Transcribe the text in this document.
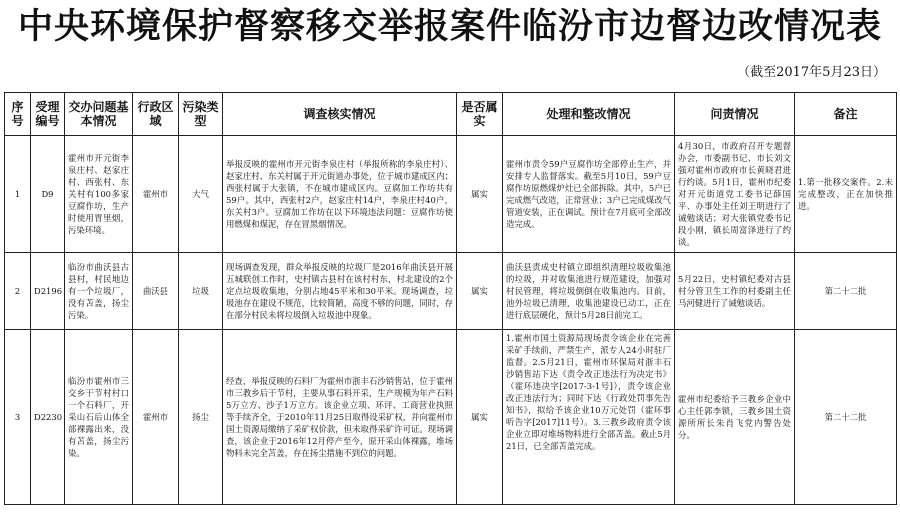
中央环境保护督察移交举报案件临汾市边督边改情况表
（截至2017年5月23日）
序号	受理编号	交办问题基本情况	行政区域	污染类型	调查核实情况	是否属实	处理和整改情况	问责情况	备注
1	D9	霍州市开元街李泉庄村、赵家庄村、西张村、东关村有100多家豆腐作坊，生产时使用胃里烟，污染环境。	霍州市	大气	举报反映的霍州市开元街李泉庄村（举报所称的李泉庄村）、赵家庄村、东关村属于开元街道办事处，位于城市建成区内；西张村属于大张镇，不在城市建成区内。豆腐加工作坊共有59户。其中，西张村2户，赵家庄村14户，李泉庄村40户，东关村3户。豆腐加工作坊在以下环境违法问题：豆腐作坊使用燃煤和煤泥，存在冒黑烟情况。	属实	霍州市责令59户豆腐作坊全部停止生产，并安排专人监督落实。截至5月10日，59户豆腐作坊原燃煤炉灶已全部拆除。其中，5户已完成燃气改造，正常营业；3户已完成煤改气管道安装，正在调试。预计在7月底可全部改造完成。	4月30日，市政府召开专题督办会，市委副书记、市长刘文强对霍州市政府市长黄晓君进行约谈。5月1日，霍州市纪委对开元街道党工委书记薛国平、办事处主任刘王明进行了诫勉谈话；对大张镇党委书记段小刚，镇长周富泽进行了约谈。	1.第一批移交案件。2.未完成整改，正在加快推进。
2	D2196	临汾市曲沃县古县村，村民地边有一个垃圾厂，没有苫盖，扬尘污染。	曲沃县	垃圾	现场调查发现，群众举报反映的垃圾厂是2016年曲沃县开展五城联创工作时，史村镇古县村在该村村东，村北建设的2个定点垃圾收集地，分别占地45平米和30平米。现场调查，垃圾池存在建设不规范，比较简陋，高度不够的问题，同时，存在部分村民未将垃圾倒入垃圾池中现象。	属实	曲沃县责成史村镇立即组织清理垃圾收集池的垃圾，并对收集池进行规范建设，加强对村民管理，将垃圾倒倒在收集池内。目前，池外垃圾已清理，收集池建设已动工，正在进行底层硬化，预计5月28日前完工。	5月22日，史村镇纪委对古县村分管卫生工作的村委副主任马河健进行了诫勉谈话。	第二十二批
3	D2230	临汾市霍州市三交乡干节村村口一个石料厂，开采山石后山体全部裸露出来，没有苫盖，扬尘污染。	霍州市	扬尘	经查，举报反映的石料厂为霍州市浙丰石沙销售站，位于霍州市三教乡后干节村，主要从事石料开采，生产规模为年产石料5万立方、沙子1万立方。该企业立项、环评、工商营业执照等手续齐全，于2010年11月25日取得设采矿权，并向霍州市国土资源局缴纳了采矿权价款，但未取得采矿许可证。现场调查，该企业于2016年12月停产至今，原开采山体裸露，堆场物料未完全苫盖，存在扬尘措施不到位的问题。	属实	1.霍州市国土资源局现场责令该企业在完善采矿手续前，严禁生产，派专人24小时驻厂监督。2.5月21日，霍州市环保局对浙丰石沙销售站下达《责令改正违法行为决定书》（霍环违决字[2017-3-1号]），责令该企业改正违法行为；同时下达《行政处罚事先告知书》，拟给予该企业10万元处罚（霍环事听告字[2017]11号）。3.三教乡政府责令该企业立即对堆场物料进行全部苫盖。截止5月21日，已全部苫盖完成。	霍州市纪委给予三教乡企业中心主任郭李锁，三教乡国土资源所所长朱肖飞党内警告处分。	第二十二批
